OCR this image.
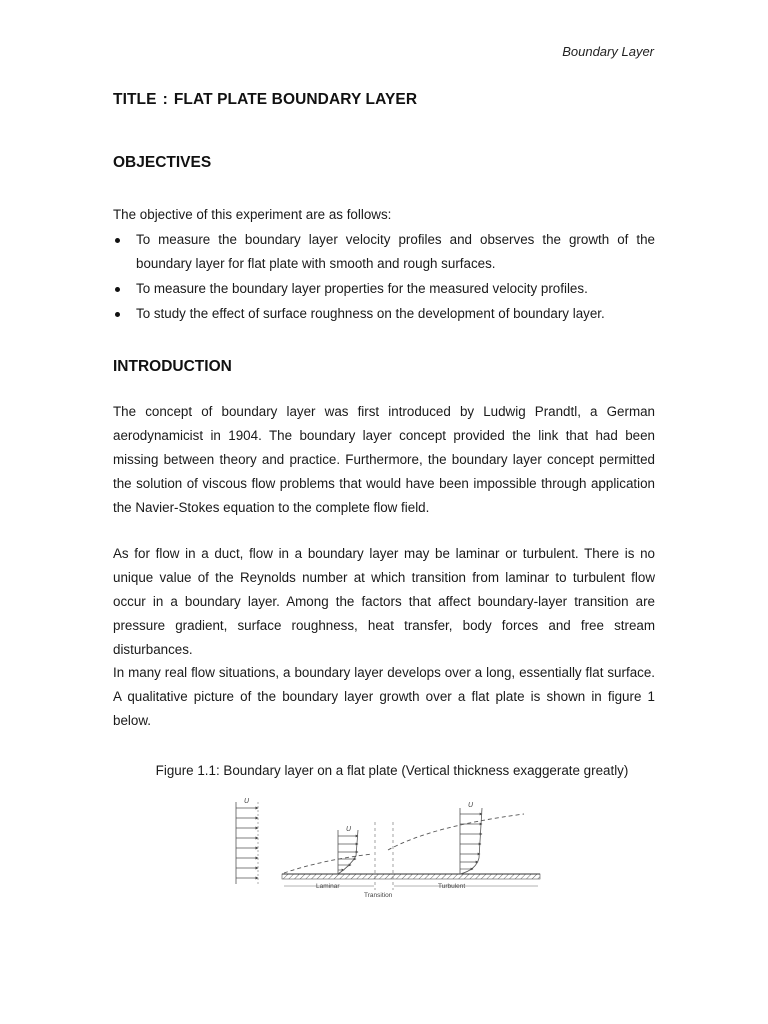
Boundary Layer
TITLE : FLAT PLATE BOUNDARY LAYER
OBJECTIVES
The objective of this experiment are as follows:
To measure the boundary layer velocity profiles and observes the growth of the boundary layer for flat plate with smooth and rough surfaces.
To measure the boundary layer properties for the measured velocity profiles.
To study the effect of surface roughness on the development of boundary layer.
INTRODUCTION
The concept of boundary layer was first introduced by Ludwig Prandtl, a German aerodynamicist in 1904. The boundary layer concept provided the link that had been missing between theory and practice. Furthermore, the boundary layer concept permitted the solution of viscous flow problems that would have been impossible through application the Navier-Stokes equation to the complete flow field.
As for flow in a duct, flow in a boundary layer may be laminar or turbulent. There is no unique value of the Reynolds number at which transition from laminar to turbulent flow occur in a boundary layer. Among the factors that affect boundary-layer transition are pressure gradient, surface roughness, heat transfer, body forces and free stream disturbances.
In many real flow situations, a boundary layer develops over a long, essentially flat surface. A qualitative picture of the boundary layer growth over a flat plate is shown in figure 1 below.
Figure 1.1: Boundary layer on a flat plate (Vertical thickness exaggerate greatly)
U
U
U
Laminar	Turbulent
Transition
